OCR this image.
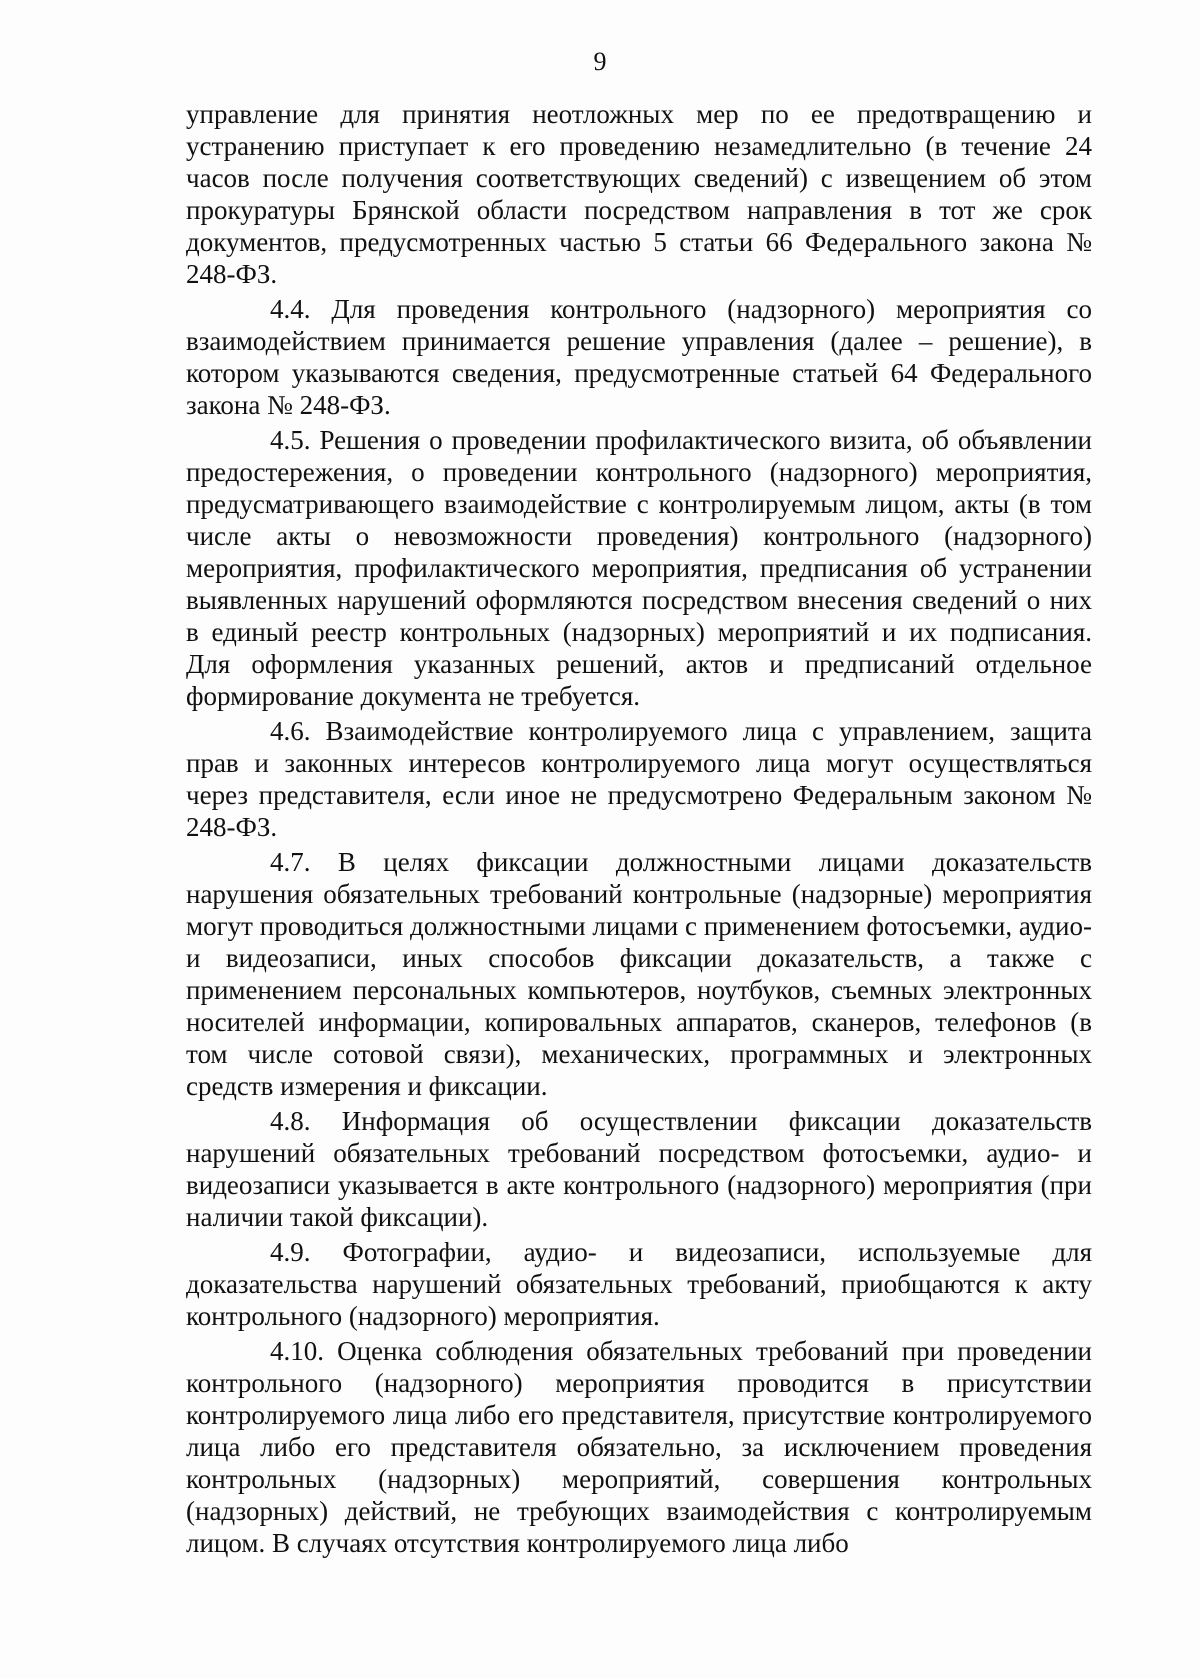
9

управление для принятия неотложных мер по ее предотвращению и устранению приступает к его проведению незамедлительно (в течение 24 часов после получения соответствующих сведений) с извещением об этом прокуратуры Брянской области посредством направления в тот же срок документов, предусмотренных частью 5 статьи 66 Федерального закона № 248-ФЗ.

4.4. Для проведения контрольного (надзорного) мероприятия со взаимодействием принимается решение управления (далее – решение), в котором указываются сведения, предусмотренные статьей 64 Федерального закона № 248-ФЗ.

4.5. Решения о проведении профилактического визита, об объявлении предостережения, о проведении контрольного (надзорного) мероприятия, предусматривающего взаимодействие с контролируемым лицом, акты (в том числе акты о невозможности проведения) контрольного (надзорного) мероприятия, профилактического мероприятия, предписания об устранении выявленных нарушений оформляются посредством внесения сведений о них в единый реестр контрольных (надзорных) мероприятий и их подписания. Для оформления указанных решений, актов и предписаний отдельное формирование документа не требуется.

4.6. Взаимодействие контролируемого лица с управлением, защита прав и законных интересов контролируемого лица могут осуществляться через представителя, если иное не предусмотрено Федеральным законом № 248-ФЗ.

4.7. В целях фиксации должностными лицами доказательств нарушения обязательных требований контрольные (надзорные) мероприятия могут проводиться должностными лицами с применением фотосъемки, аудио- и видеозаписи, иных способов фиксации доказательств, а также с применением персональных компьютеров, ноутбуков, съемных электронных носителей информации, копировальных аппаратов, сканеров, телефонов (в том числе сотовой связи), механических, программных и электронных средств измерения и фиксации.

4.8. Информация об осуществлении фиксации доказательств нарушений обязательных требований посредством фотосъемки, аудио- и видеозаписи указывается в акте контрольного (надзорного) мероприятия (при наличии такой фиксации).

4.9. Фотографии, аудио- и видеозаписи, используемые для доказательства нарушений обязательных требований, приобщаются к акту контрольного (надзорного) мероприятия.

4.10. Оценка соблюдения обязательных требований при проведении контрольного (надзорного) мероприятия проводится в присутствии контролируемого лица либо его представителя, присутствие контролируемого лица либо его представителя обязательно, за исключением проведения контрольных (надзорных) мероприятий, совершения контрольных (надзорных) действий, не требующих взаимодействия с контролируемым лицом. В случаях отсутствия контролируемого лица либо
